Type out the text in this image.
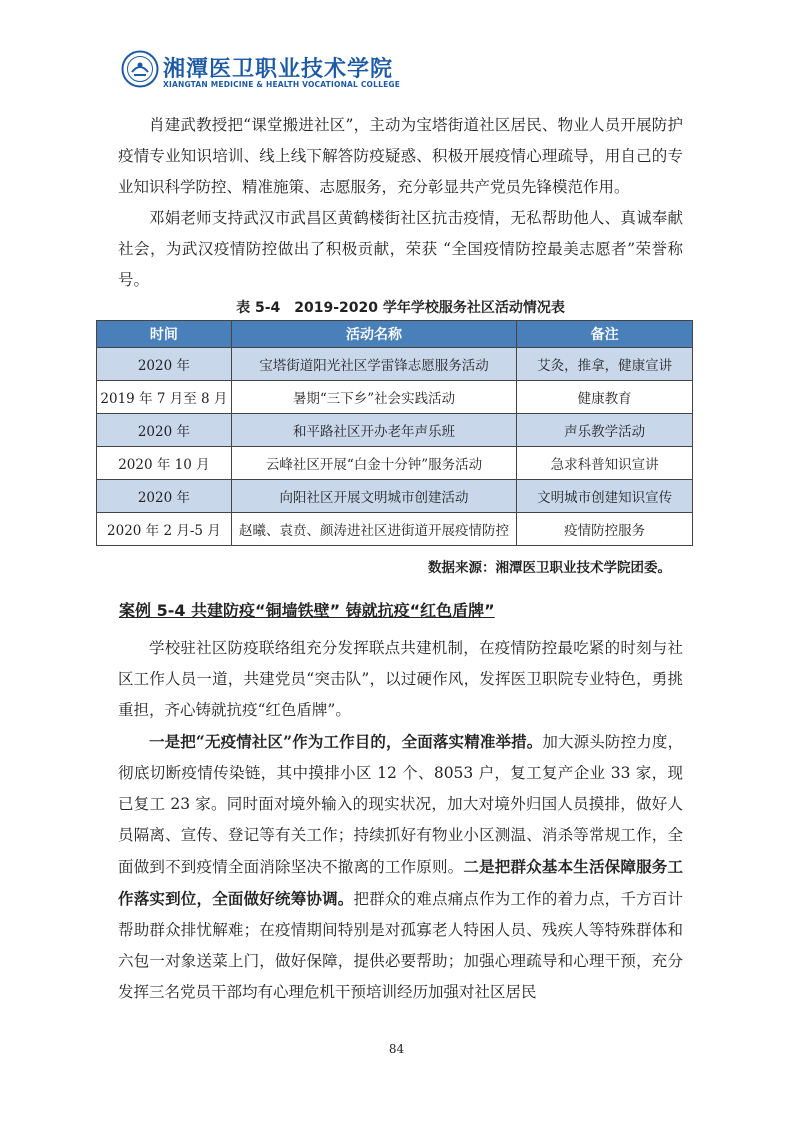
湘潭医卫职业技术学院
XIANGTAN MEDICINE & HEALTH VOCATIONAL COLLEGE

肖建武教授把“课堂搬进社区”，主动为宝塔街道社区居民、物业人员开展防护疫情专业知识培训、线上线下解答防疫疑惑、积极开展疫情心理疏导，用自己的专业知识科学防控、精准施策、志愿服务，充分彰显共产党员先锋模范作用。

邓娟老师支持武汉市武昌区黄鹤楼街社区抗击疫情，无私帮助他人、真诚奉献社会，为武汉疫情防控做出了积极贡献，荣获 “全国疫情防控最美志愿者”荣誉称号。

表 5-4　2019-2020 学年学校服务社区活动情况表
时间	活动名称	备注
2020 年	宝塔街道阳光社区学雷锋志愿服务活动	艾灸，推拿，健康宣讲
2019 年 7 月至 8 月	暑期“三下乡”社会实践活动	健康教育
2020 年	和平路社区开办老年声乐班	声乐教学活动
2020 年 10 月	云峰社区开展“白金十分钟”服务活动	急求科普知识宣讲
2020 年	向阳社区开展文明城市创建活动	文明城市创建知识宣传
2020 年 2 月-5 月	赵曦、袁贲、颜涛进社区进街道开展疫情防控	疫情防控服务
数据来源：湘潭医卫职业技术学院团委。
案例 5-4 共建防疫“铜墙铁壁” 铸就抗疫“红色盾牌”

学校驻社区防疫联络组充分发挥联点共建机制，在疫情防控最吃紧的时刻与社区工作人员一道，共建党员“突击队”，以过硬作风，发挥医卫职院专业特色，勇挑重担，齐心铸就抗疫“红色盾牌”。

一是把“无疫情社区”作为工作目的，全面落实精准举措。加大源头防控力度，彻底切断疫情传染链，其中摸排小区 12 个、8053 户，复工复产企业 33 家，现已复工 23 家。同时面对境外输入的现实状况，加大对境外归国人员摸排，做好人员隔离、宣传、登记等有关工作；持续抓好有物业小区测温、消杀等常规工作，全面做到不到疫情全面消除坚决不撤离的工作原则。二是把群众基本生活保障服务工作落实到位，全面做好统筹协调。把群众的难点痛点作为工作的着力点，千方百计帮助群众排忧解难；在疫情期间特别是对孤寡老人特困人员、残疾人等特殊群体和六包一对象送菜上门，做好保障，提供必要帮助；加强心理疏导和心理干预，充分发挥三名党员干部均有心理危机干预培训经历加强对社区居民

84
